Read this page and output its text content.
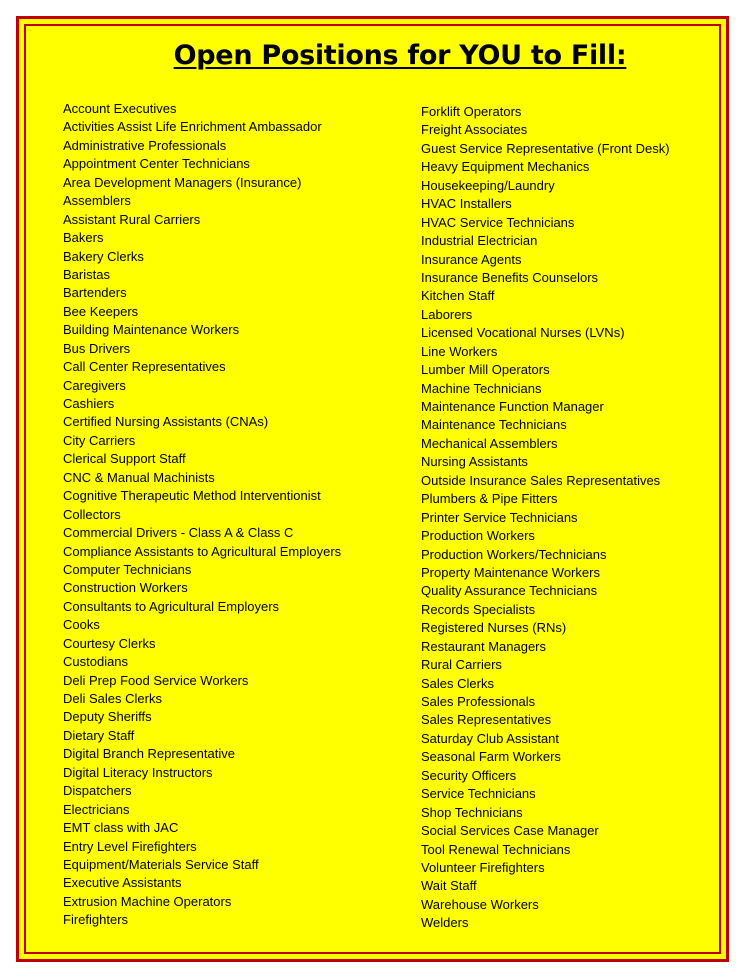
Open Positions for YOU to Fill:
Account Executives
Activities Assist Life Enrichment Ambassador
Administrative Professionals
Appointment Center Technicians
Area Development Managers (Insurance)
Assemblers
Assistant Rural Carriers
Bakers
Bakery Clerks
Baristas
Bartenders
Bee Keepers
Building Maintenance Workers
Bus Drivers
Call Center Representatives
Caregivers
Cashiers
Certified Nursing Assistants (CNAs)
City Carriers
Clerical Support Staff
CNC & Manual Machinists
Cognitive Therapeutic Method Interventionist
Collectors
Commercial Drivers - Class A & Class C
Compliance Assistants to Agricultural Employers
Computer Technicians
Construction Workers
Consultants to Agricultural Employers
Cooks
Courtesy Clerks
Custodians
Deli Prep Food Service Workers
Deli Sales Clerks
Deputy Sheriffs
Dietary Staff
Digital Branch Representative
Digital Literacy Instructors
Dispatchers
Electricians
EMT class with JAC
Entry Level Firefighters
Equipment/Materials Service Staff
Executive Assistants
Extrusion Machine Operators
Firefighters
Forklift Operators
Freight Associates
Guest Service Representative (Front Desk)
Heavy Equipment Mechanics
Housekeeping/Laundry
HVAC Installers
HVAC Service Technicians
Industrial Electrician
Insurance Agents
Insurance Benefits Counselors
Kitchen Staff
Laborers
Licensed Vocational Nurses (LVNs)
Line Workers
Lumber Mill Operators
Machine Technicians
Maintenance Function Manager
Maintenance Technicians
Mechanical Assemblers
Nursing Assistants
Outside Insurance Sales Representatives
Plumbers & Pipe Fitters
Printer Service Technicians
Production Workers
Production Workers/Technicians
Property Maintenance Workers
Quality Assurance Technicians
Records Specialists
Registered Nurses (RNs)
Restaurant Managers
Rural Carriers
Sales Clerks
Sales Professionals
Sales Representatives
Saturday Club Assistant
Seasonal Farm Workers
Security Officers
Service Technicians
Shop Technicians
Social Services Case Manager
Tool Renewal Technicians
Volunteer Firefighters
Wait Staff
Warehouse Workers
Welders
